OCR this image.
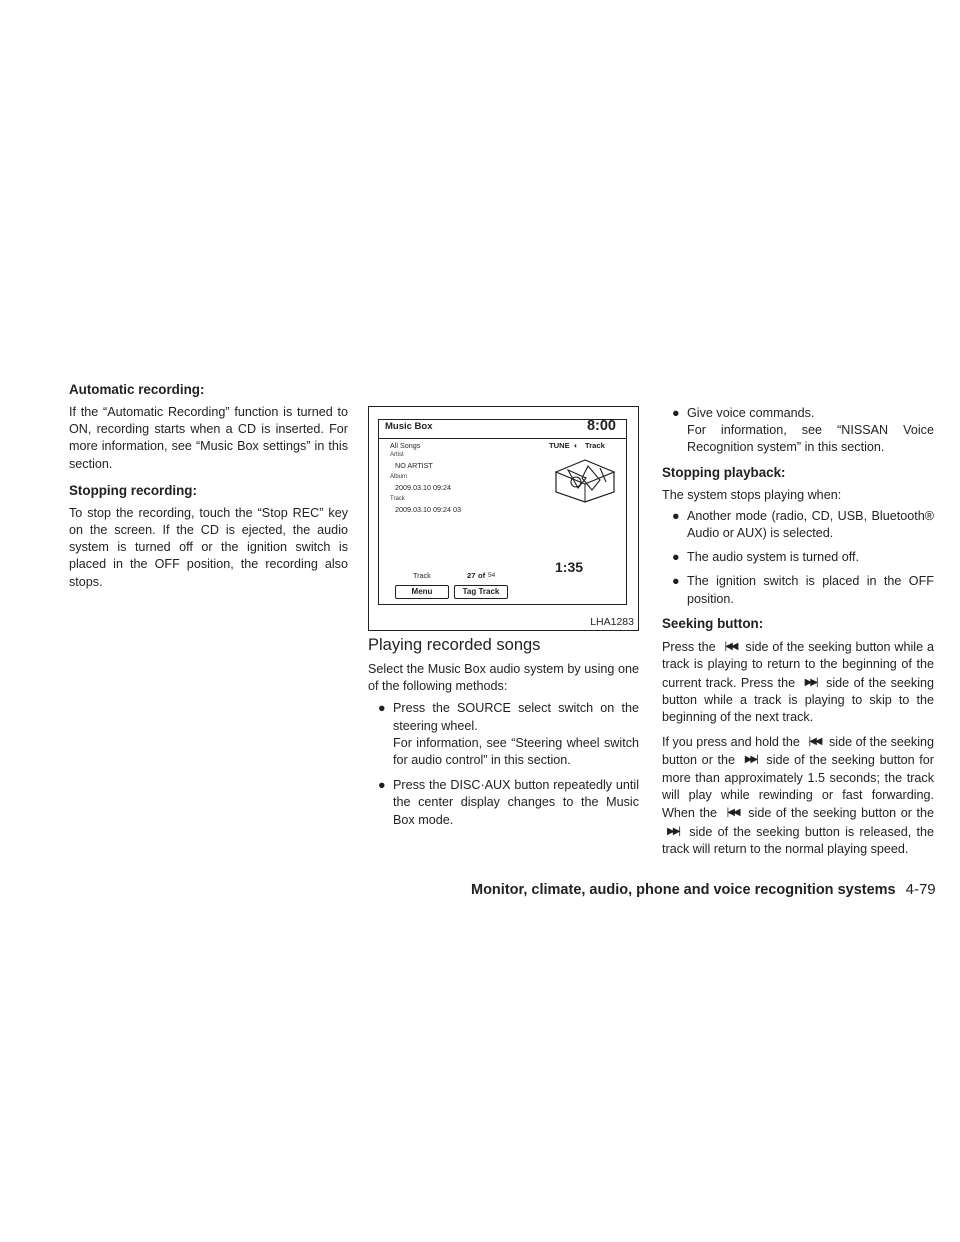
Automatic recording:

If the “Automatic Recording” function is turned to ON, recording starts when a CD is inserted. For more information, see “Music Box settings” in this section.

Stopping recording:

To stop the recording, touch the “Stop REC” key on the screen. If the CD is ejected, the audio system is turned off or the ignition switch is placed in the OFF position, the recording also stops.

Music Box	8:00
All Songs	TUNE ◐ Track
Artist
NO ARTIST
Album
2009.03.10 09:24
Track
2009.03.10 09:24 03
1:35
Track	27 of 54
Menu	Tag Track
LHA1283
Playing recorded songs

Select the Music Box audio system by using one of the following methods:

● Press the SOURCE select switch on the steering wheel.
For information, see “Steering wheel switch for audio control” in this section.
● Press the DISC·AUX button repeatedly until the center display changes to the Music Box mode.
● Give voice commands.
For information, see “NISSAN Voice Recognition system” in this section.

Stopping playback:

The system stops playing when:

● Another mode (radio, CD, USB, Bluetooth® Audio or AUX) is selected.
● The audio system is turned off.
● The ignition switch is placed in the OFF position.

Seeking button:

Press the |◀◀ side of the seeking button while a track is playing to return to the beginning of the current track. Press the ▶▶| side of the seeking button while a track is playing to skip to the beginning of the next track.

If you press and hold the |◀◀ side of the seeking button or the ▶▶| side of the seeking button for more than approximately 1.5 seconds; the track will play while rewinding or fast forwarding. When the |◀◀ side of the seeking button or the ▶▶| side of the seeking button is released, the track will return to the normal playing speed.

Monitor, climate, audio, phone and voice recognition systems 4-79
